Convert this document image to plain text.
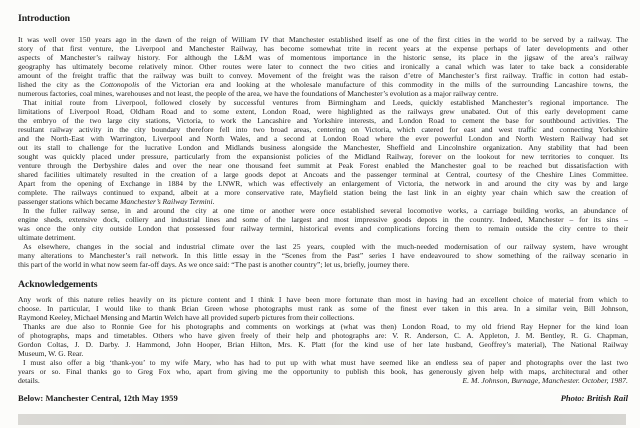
Introduction
It was well over 150 years ago in the dawn of the reign of William IV that Manchester established itself as one of the first cities in the world to be served by a railway. The
story of that first venture, the Liverpool and Manchester Railway, has become somewhat trite in recent years at the expense perhaps of later developments and other
aspects of Manchester’s railway history. For although the L&M was of momentous importance in the historic sense, its place in the jigsaw of the area’s railway
geography has ultimately become relatively minor. Other routes were later to connect the two cities and ironically a canal which was later to take back a considerable
amount of the freight traffic that the railway was built to convey. Movement of the freight was the raison d’etre of Manchester’s first railway. Traffic in cotton had estab-
lished the city as the Cottonopolis of the Victorian era and looking at the wholesale manufacture of this commodity in the mills of the surrounding Lancashire towns, the
numerous factories, coal mines, warehouses and not least, the people of the area, we have the foundations of Manchester’s evolution as a major railway centre.
That initial route from Liverpool, followed closely by successful ventures from Birmingham and Leeds, quickly established Manchester’s regional importance. The
limitations of Liverpool Road, Oldham Road and to some extent, London Road, were highlighted as the railways grew unabated. Out of this early development came
the embryo of the two large city stations, Victoria, to work the Lancashire and Yorkshire interests, and London Road to cement the base for southbound activities. The
resultant railway activity in the city boundary therefore fell into two broad areas, centering on Victoria, which catered for east and west traffic and connecting Yorkshire
and the North-East with Warrington, Liverpool and North Wales, and a second at London Road where the ever powerful London and North Western Railway had set
out its stall to challenge for the lucrative London and Midlands business alongside the Manchester, Sheffield and Lincolnshire organization. Any stability that had been
sought was quickly placed under pressure, particularly from the expansionist policies of the Midland Railway, forever on the lookout for new territories to conquer. Its
venture through the Derbyshire dales and over the near one thousand feet summit at Peak Forest enabled the Manchester goal to be reached but dissatisfaction with
shared facilities ultimately resulted in the creation of a large goods depot at Ancoats and the passenger terminal at Central, courtesy of the Cheshire Lines Committee.
Apart from the opening of Exchange in 1884 by the LNWR, which was effectively an enlargement of Victoria, the network in and around the city was by and large
complete. The railways continued to expand, albeit at a more conservative rate, Mayfield station being the last link in an eighty year chain which saw the creation of
passenger stations which became Manchester’s Railway Termini.
In the fuller railway sense, in and around the city at one time or another were once established several locomotive works, a carriage building works, an abundance of
engine sheds, extensive dock, colliery and industrial lines and some of the largest and most impressive goods depots in the country. Indeed, Manchester – for its sins –
was once the only city outside London that possessed four railway termini, historical events and complications forcing them to remain outside the city centre to their
ultimate detriment.
As elsewhere, changes in the social and industrial climate over the last 25 years, coupled with the much-needed modernisation of our railway system, have wrought
many alterations to Manchester’s rail network. In this little essay in the “Scenes from the Past” series I have endeavoured to show something of the railway scenario in
this part of the world in what now seem far-off days. As we once said: “The past is another country”; let us, briefly, journey there.
Acknowledgements
Any work of this nature relies heavily on its picture content and I think I have been more fortunate than most in having had an excellent choice of material from which to
choose. In particular, I would like to thank Brian Green whose photographs must rank as some of the finest ever taken in this area. In a similar vein, Bill Johnson,
Raymond Keeley, Michael Mensing and Martin Welch have all provided superb pictures from their collections.
Thanks are due also to Ronnie Gee for his photographs and comments on workings at (what was then) London Road, to my old friend Ray Hepner for the kind loan
of photographs, maps and timetables. Others who have given freely of their help and photographs are: V. R. Anderson, C. A. Appleton, J. M. Bentley, R. G. Chapman,
Gordon Coltas, J. D. Darby. J. Hammond, John Hooper, Brian Hilton, Mrs. K. Platt (for the kind use of her late husband, Geoffrey’s material), The National Railway
Museum, W. G. Rear.
I must also offer a big ‘thank-you’ to my wife Mary, who has had to put up with what must have seemed like an endless sea of paper and photographs over the last two
years or so. Final thanks go to Greg Fox who, apart from giving me the opportunity to publish this book, has generously given help with maps, architectural and other
details.	E. M. Johnson, Burnage, Manchester. October, 1987.
Below: Manchester Central, 12th May 1959	Photo: British Rail
